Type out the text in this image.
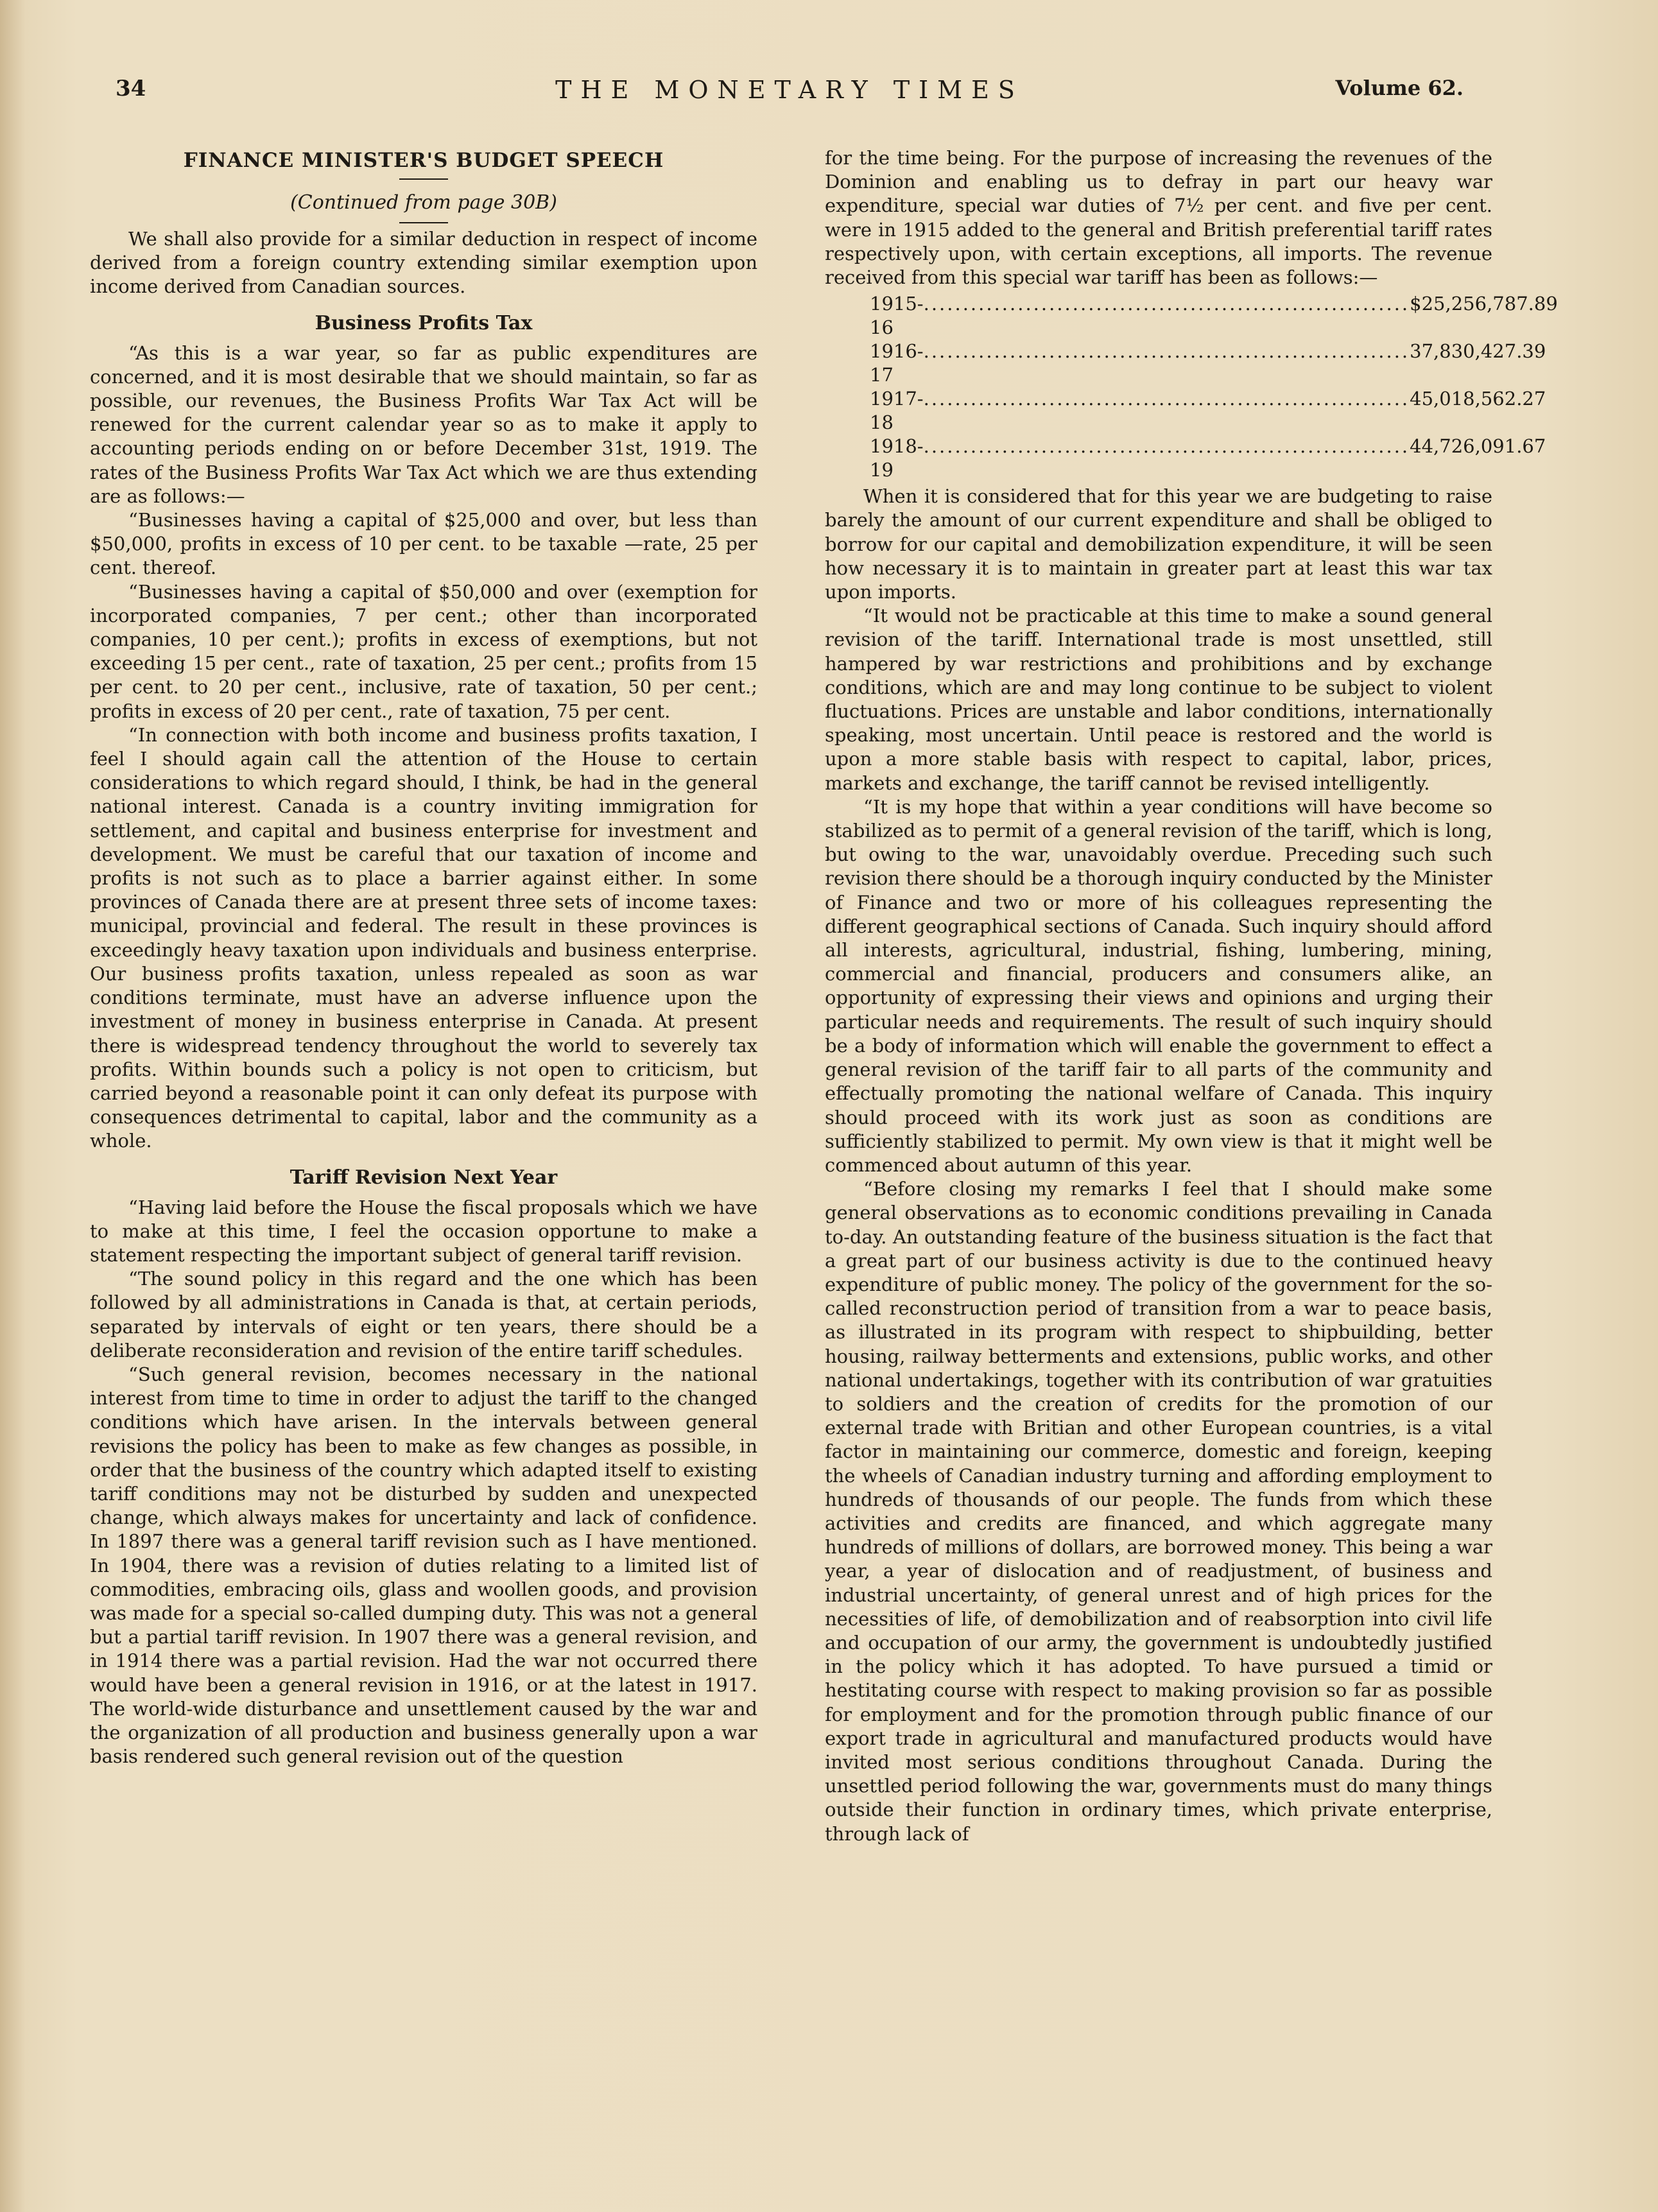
34	THE MONETARY TIMES	Volume 62.
FINANCE MINISTER'S BUDGET SPEECH
(Continued from page 30B)

We shall also provide for a similar deduction in respect of income derived from a foreign country extending similar exemption upon income derived from Canadian sources.

Business Profits Tax

“As this is a war year, so far as public expenditures are concerned, and it is most desirable that we should maintain, so far as possible, our revenues, the Business Profits War Tax Act will be renewed for the current calendar year so as to make it apply to accounting periods ending on or before December 31st, 1919. The rates of the Business Profits War Tax Act which we are thus extending are as follows:—

“Businesses having a capital of $25,000 and over, but less than $50,000, profits in excess of 10 per cent. to be taxable —rate, 25 per cent. thereof.

“Businesses having a capital of $50,000 and over (exemption for incorporated companies, 7 per cent.; other than incorporated companies, 10 per cent.); profits in excess of exemptions, but not exceeding 15 per cent., rate of taxation, 25 per cent.; profits from 15 per cent. to 20 per cent., inclusive, rate of taxation, 50 per cent.; profits in excess of 20 per cent., rate of taxation, 75 per cent.

“In connection with both income and business profits taxation, I feel I should again call the attention of the House to certain considerations to which regard should, I think, be had in the general national interest. Canada is a country inviting immigration for settlement, and capital and business enterprise for investment and development. We must be careful that our taxation of income and profits is not such as to place a barrier against either. In some provinces of Canada there are at present three sets of income taxes: municipal, provincial and federal. The result in these provinces is exceedingly heavy taxation upon individuals and business enterprise. Our business profits taxation, unless repealed as soon as war conditions terminate, must have an adverse influence upon the investment of money in business enterprise in Canada. At present there is widespread tendency throughout the world to severely tax profits. Within bounds such a policy is not open to criticism, but carried beyond a reasonable point it can only defeat its purpose with consequences detrimental to capital, labor and the community as a whole.

Tariff Revision Next Year

“Having laid before the House the fiscal proposals which we have to make at this time, I feel the occasion opportune to make a statement respecting the important subject of general tariff revision.

“The sound policy in this regard and the one which has been followed by all administrations in Canada is that, at certain periods, separated by intervals of eight or ten years, there should be a deliberate reconsideration and revision of the entire tariff schedules.

“Such general revision, becomes necessary in the national interest from time to time in order to adjust the tariff to the changed conditions which have arisen. In the intervals between general revisions the policy has been to make as few changes as possible, in order that the business of the country which adapted itself to existing tariff conditions may not be disturbed by sudden and unexpected change, which always makes for uncertainty and lack of confidence. In 1897 there was a general tariff revision such as I have mentioned. In 1904, there was a revision of duties relating to a limited list of commodities, embracing oils, glass and woollen goods, and provision was made for a special so-called dumping duty. This was not a general but a partial tariff revision. In 1907 there was a general revision, and in 1914 there was a partial revision. Had the war not occurred there would have been a general revision in 1916, or at the latest in 1917. The world-wide disturbance and unsettlement caused by the war and the organization of all production and business generally upon a war basis rendered such general revision out of the question

for the time being. For the purpose of increasing the revenues of the Dominion and enabling us to defray in part our heavy war expenditure, special war duties of 7½ per cent. and five per cent. were in 1915 added to the general and British preferential tariff rates respectively upon, with certain exceptions, all imports. The revenue received from this special war tariff has been as follows:—

1915-16
.............................................................. $25,256,787.89
1916-17
.............................................................. 37,830,427.39
1917-18
.............................................................. 45,018,562.27
1918-19
.............................................................. 44,726,091.67

When it is considered that for this year we are budgeting to raise barely the amount of our current expenditure and shall be obliged to borrow for our capital and demobilization expenditure, it will be seen how necessary it is to maintain in greater part at least this war tax upon imports.

“It would not be practicable at this time to make a sound general revision of the tariff. International trade is most unsettled, still hampered by war restrictions and prohibitions and by exchange conditions, which are and may long continue to be subject to violent fluctuations. Prices are unstable and labor conditions, internationally speaking, most uncertain. Until peace is restored and the world is upon a more stable basis with respect to capital, labor, prices, markets and exchange, the tariff cannot be revised intelligently.

“It is my hope that within a year conditions will have become so stabilized as to permit of a general revision of the tariff, which is long, but owing to the war, unavoidably overdue. Preceding such such revision there should be a thorough inquiry conducted by the Minister of Finance and two or more of his colleagues representing the different geographical sections of Canada. Such inquiry should afford all interests, agricultural, industrial, fishing, lumbering, mining, commercial and financial, producers and consumers alike, an opportunity of expressing their views and opinions and urging their particular needs and requirements. The result of such inquiry should be a body of information which will enable the government to effect a general revision of the tariff fair to all parts of the community and effectually promoting the national welfare of Canada. This inquiry should proceed with its work just as soon as conditions are sufficiently stabilized to permit. My own view is that it might well be commenced about autumn of this year.

“Before closing my remarks I feel that I should make some general observations as to economic conditions prevailing in Canada to-day. An outstanding feature of the business situation is the fact that a great part of our business activity is due to the continued heavy expenditure of public money. The policy of the government for the so-called reconstruction period of transition from a war to peace basis, as illustrated in its program with respect to shipbuilding, better housing, railway betterments and extensions, public works, and other national undertakings, together with its contribution of war gratuities to soldiers and the creation of credits for the promotion of our external trade with Britian and other European countries, is a vital factor in maintaining our commerce, domestic and foreign, keeping the wheels of Canadian industry turning and affording employment to hundreds of thousands of our people. The funds from which these activities and credits are financed, and which aggregate many hundreds of millions of dollars, are borrowed money. This being a war year, a year of dislocation and of readjustment, of business and industrial uncertainty, of general unrest and of high prices for the necessities of life, of demobilization and of reabsorption into civil life and occupation of our army, the government is undoubtedly justified in the policy which it has adopted. To have pursued a timid or hestitating course with respect to making provision so far as possible for employment and for the promotion through public finance of our export trade in agricultural and manufactured products would have invited most serious conditions throughout Canada. During the unsettled period following the war, governments must do many things outside their function in ordinary times, which private enterprise, through lack of
